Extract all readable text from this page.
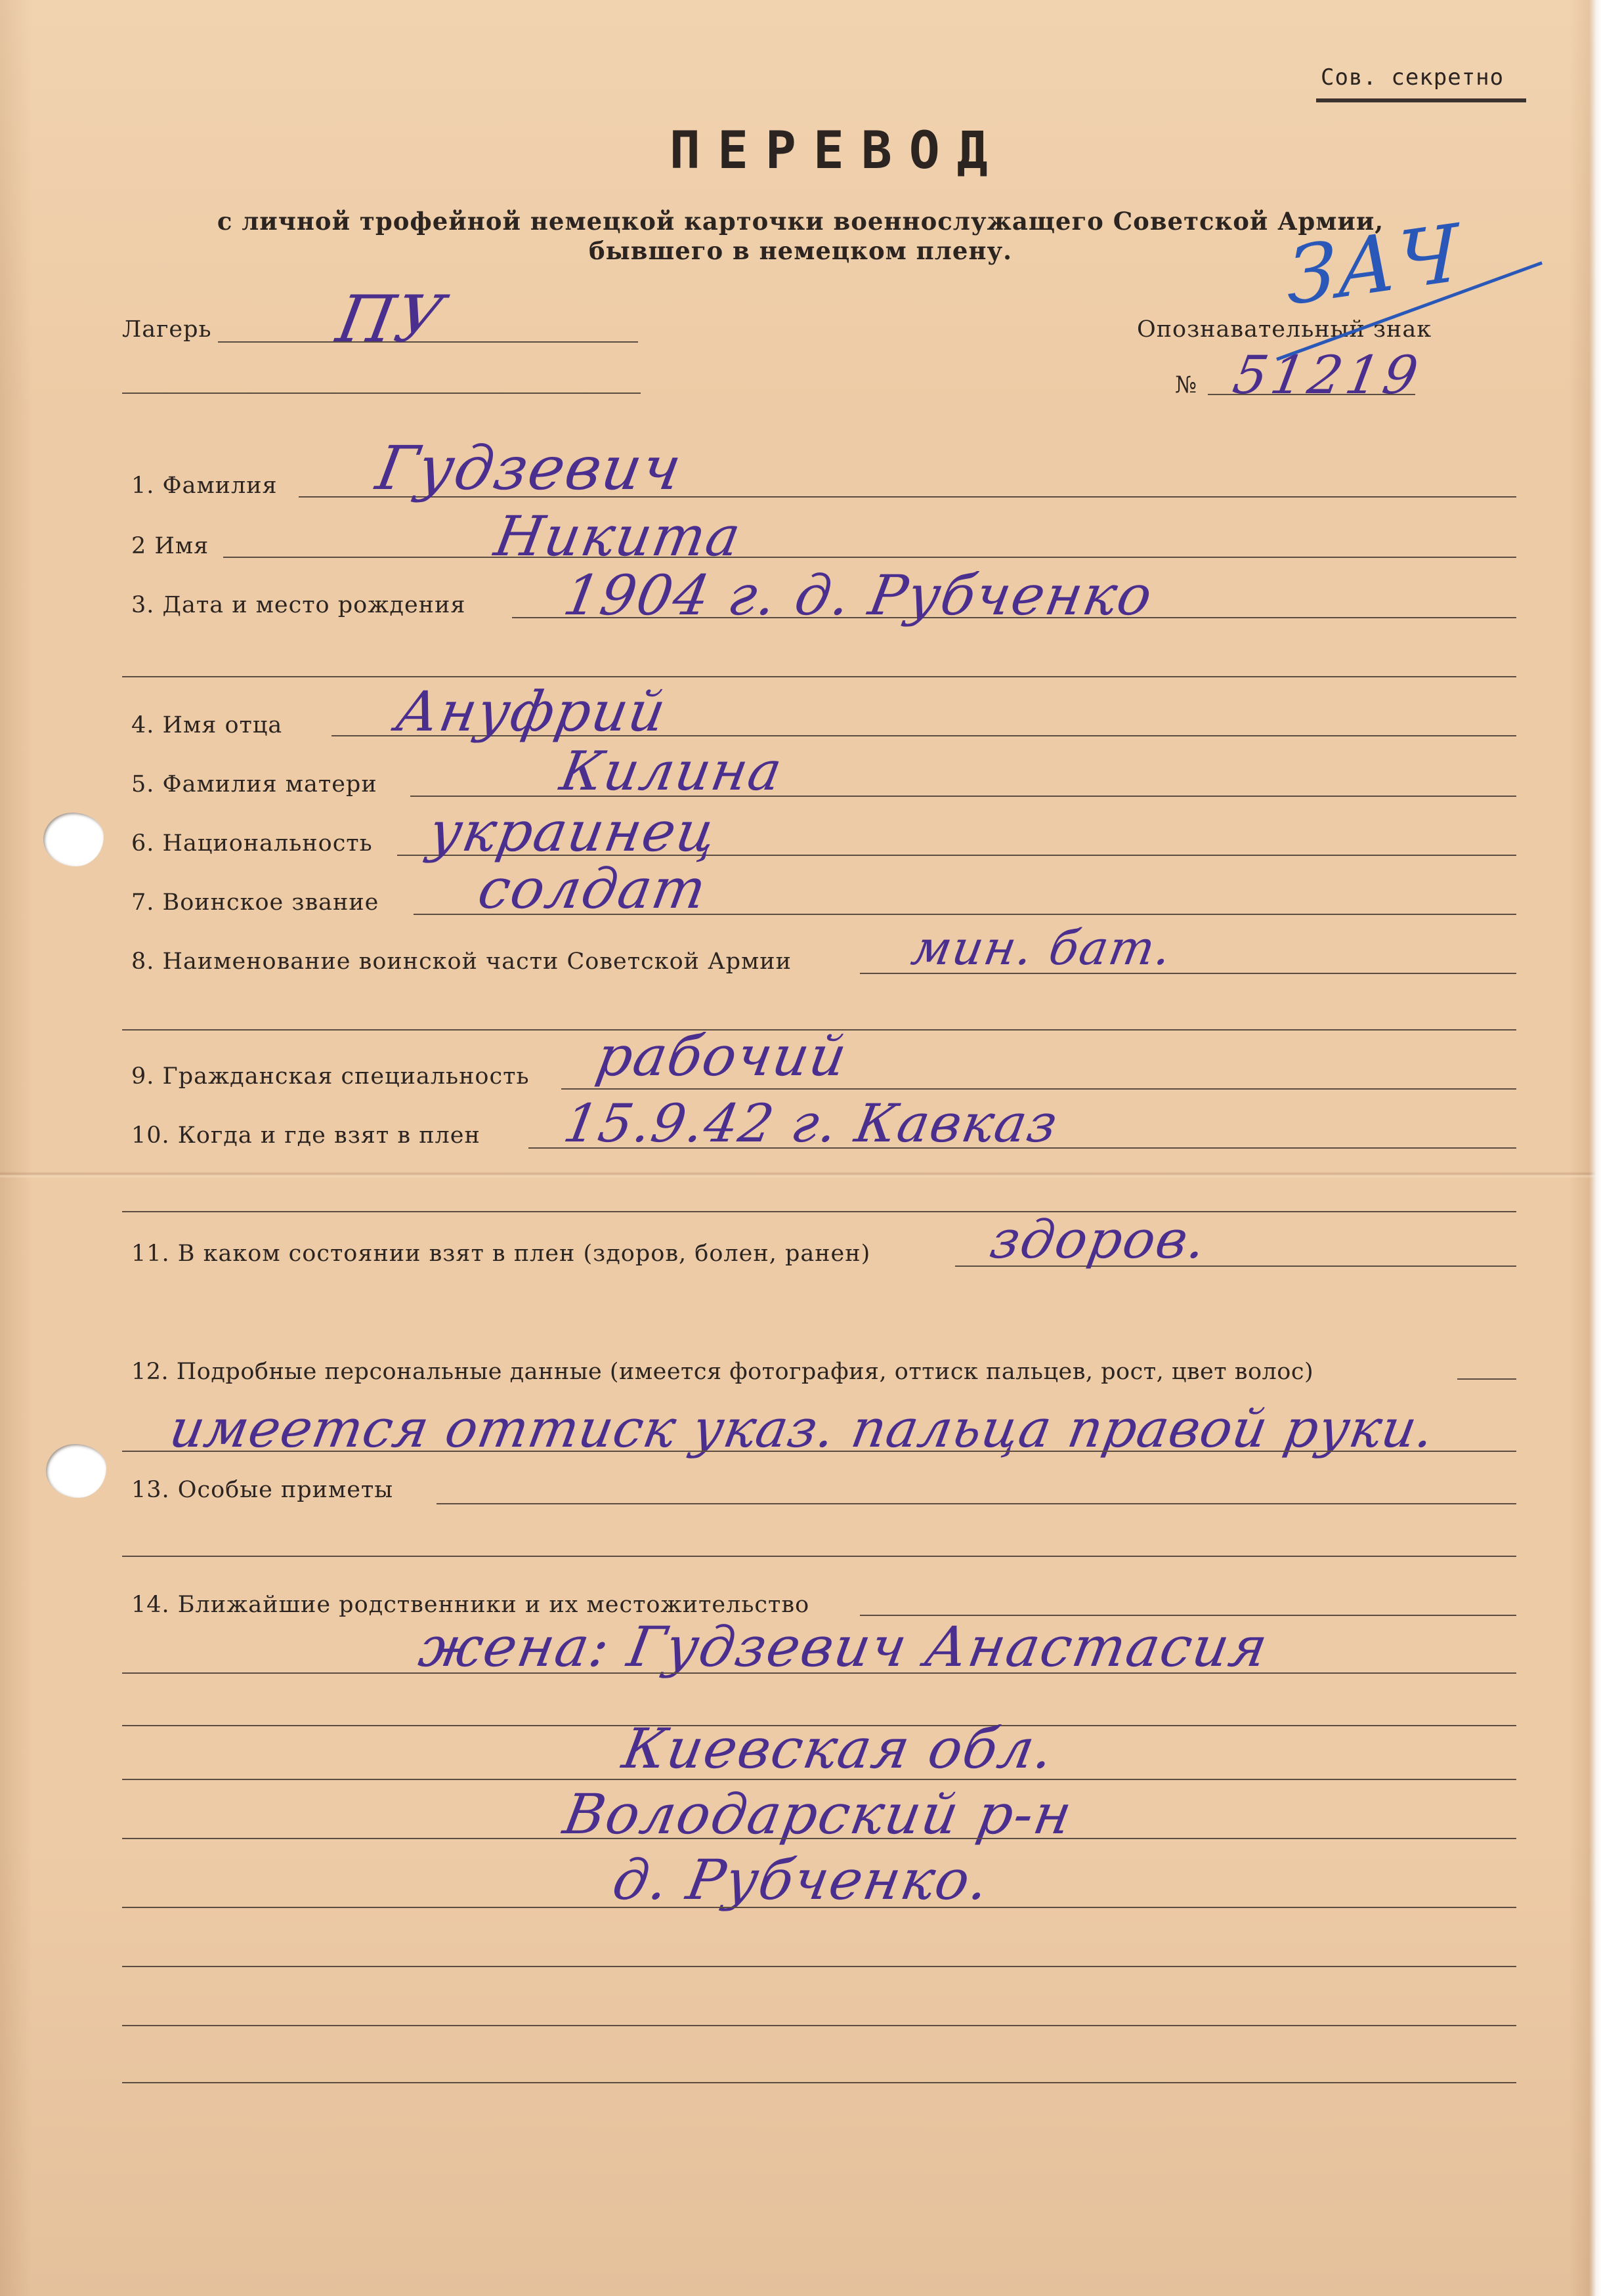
Сов. секретно
ПЕРЕВОД
с личной трофейной немецкой карточки военнослужащего Советской Армии,
бывшего в немецком плену.
Лагерь ПУ	Опознавательный знак
№ 51219
ЗАЧ
1. Фамилия Гудзевич
2 Имя	Никита
3. Дата и место рождения 1904 г. д. Рубченко
4. Имя отца Ануфрий
5. Фамилия матери	Килина
6. Национальность украинец
7. Воинское звание солдат
8. Наименование воинской части Советской Армии мин. бат.
9. Гражданская специальность рабочий
10. Когда и где взят в плен 15.9.42 г. Кавказ
11. В каком состоянии взят в плен (здоров, болен, ранен) здоров.
12. Подробные персональные данные (имеется фотография, оттиск пальцев, рост, цвет волос)
имеется оттиск указ. пальца правой руки.
13. Особые приметы
14. Ближайшие родственники и их местожительство
жена: Гудзевич Анастасия
Киевская обл.
Володарский р-н
д. Рубченко.
